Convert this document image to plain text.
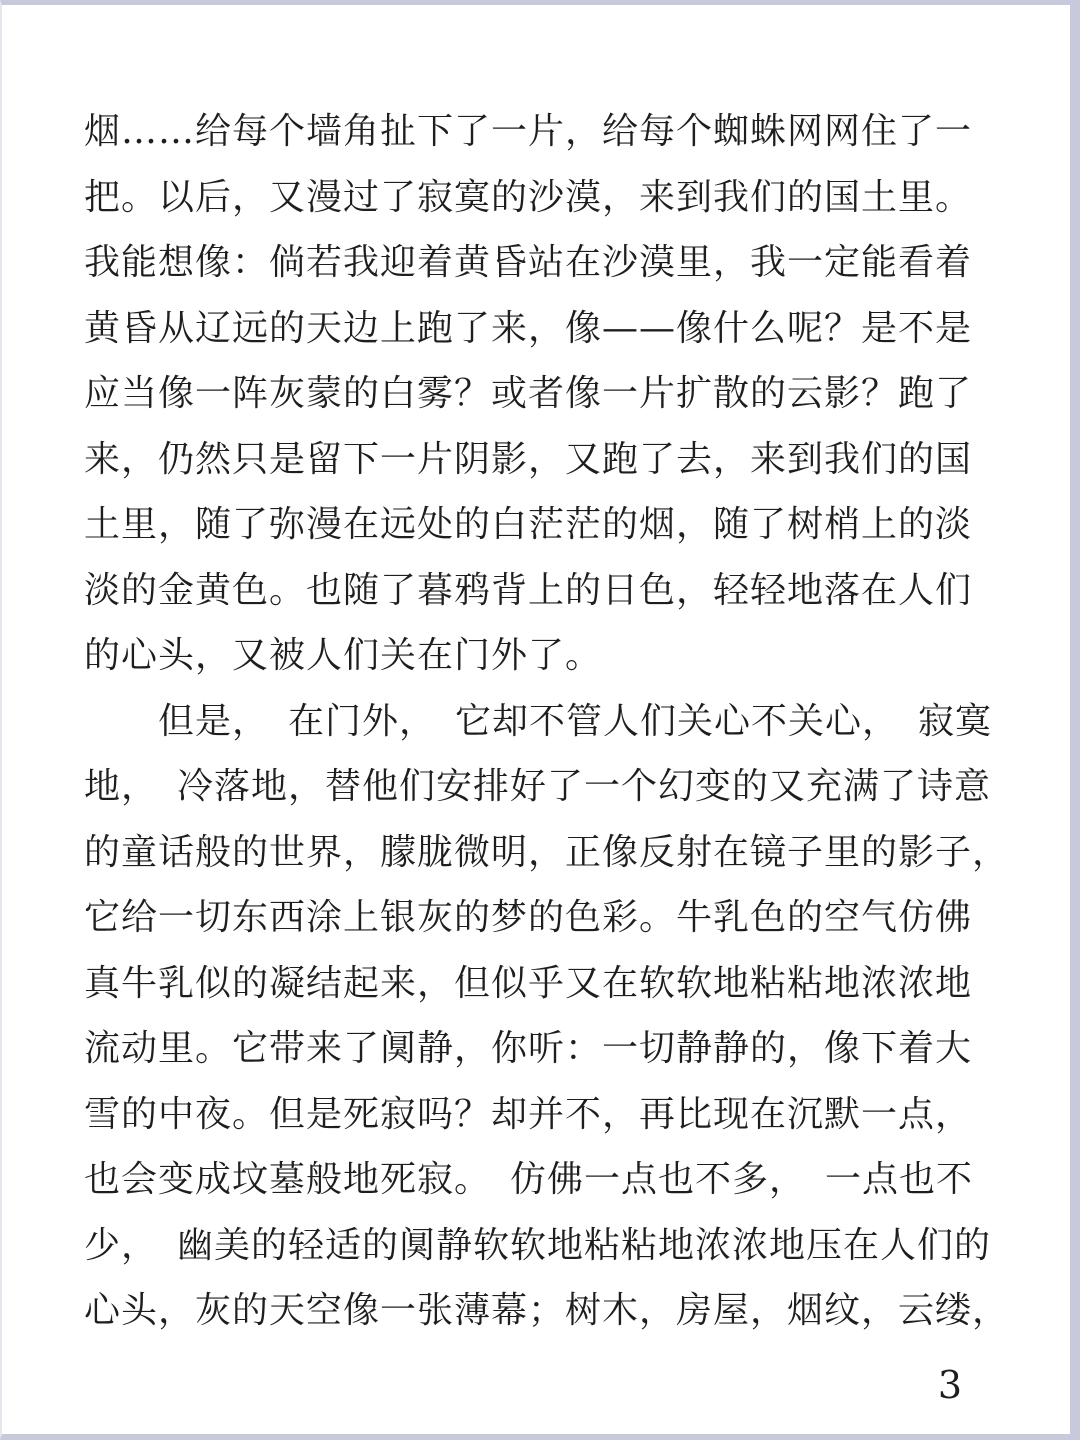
烟……给每个墙角扯下了一片，给每个蜘蛛网网住了一
把。以后，又漫过了寂寞的沙漠，来到我们的国土里。
我能想像：倘若我迎着黄昏站在沙漠里，我一定能看着
黄昏从辽远的天边上跑了来，像——像什么呢？是不是
应当像一阵灰蒙的白雾？或者像一片扩散的云影？跑了
来，仍然只是留下一片阴影，又跑了去，来到我们的国
土里，随了弥漫在远处的白茫茫的烟，随了树梢上的淡
淡的金黄色。也随了暮鸦背上的日色，轻轻地落在人们
的心头，又被人们关在门外了。
　　但是，　在门外，　它却不管人们关心不关心，　寂寞
地，　冷落地，替他们安排好了一个幻变的又充满了诗意
的童话般的世界，朦胧微明，正像反射在镜子里的影子，
它给一切东西涂上银灰的梦的色彩。牛乳色的空气仿佛
真牛乳似的凝结起来，但似乎又在软软地粘粘地浓浓地
流动里。它带来了阒静，你听：一切静静的，像下着大
雪的中夜。但是死寂吗？却并不，再比现在沉默一点，
也会变成坟墓般地死寂。　仿佛一点也不多，　一点也不
少，　幽美的轻适的阒静软软地粘粘地浓浓地压在人们的
心头，灰的天空像一张薄幕；树木，房屋，烟纹，云缕，
3
